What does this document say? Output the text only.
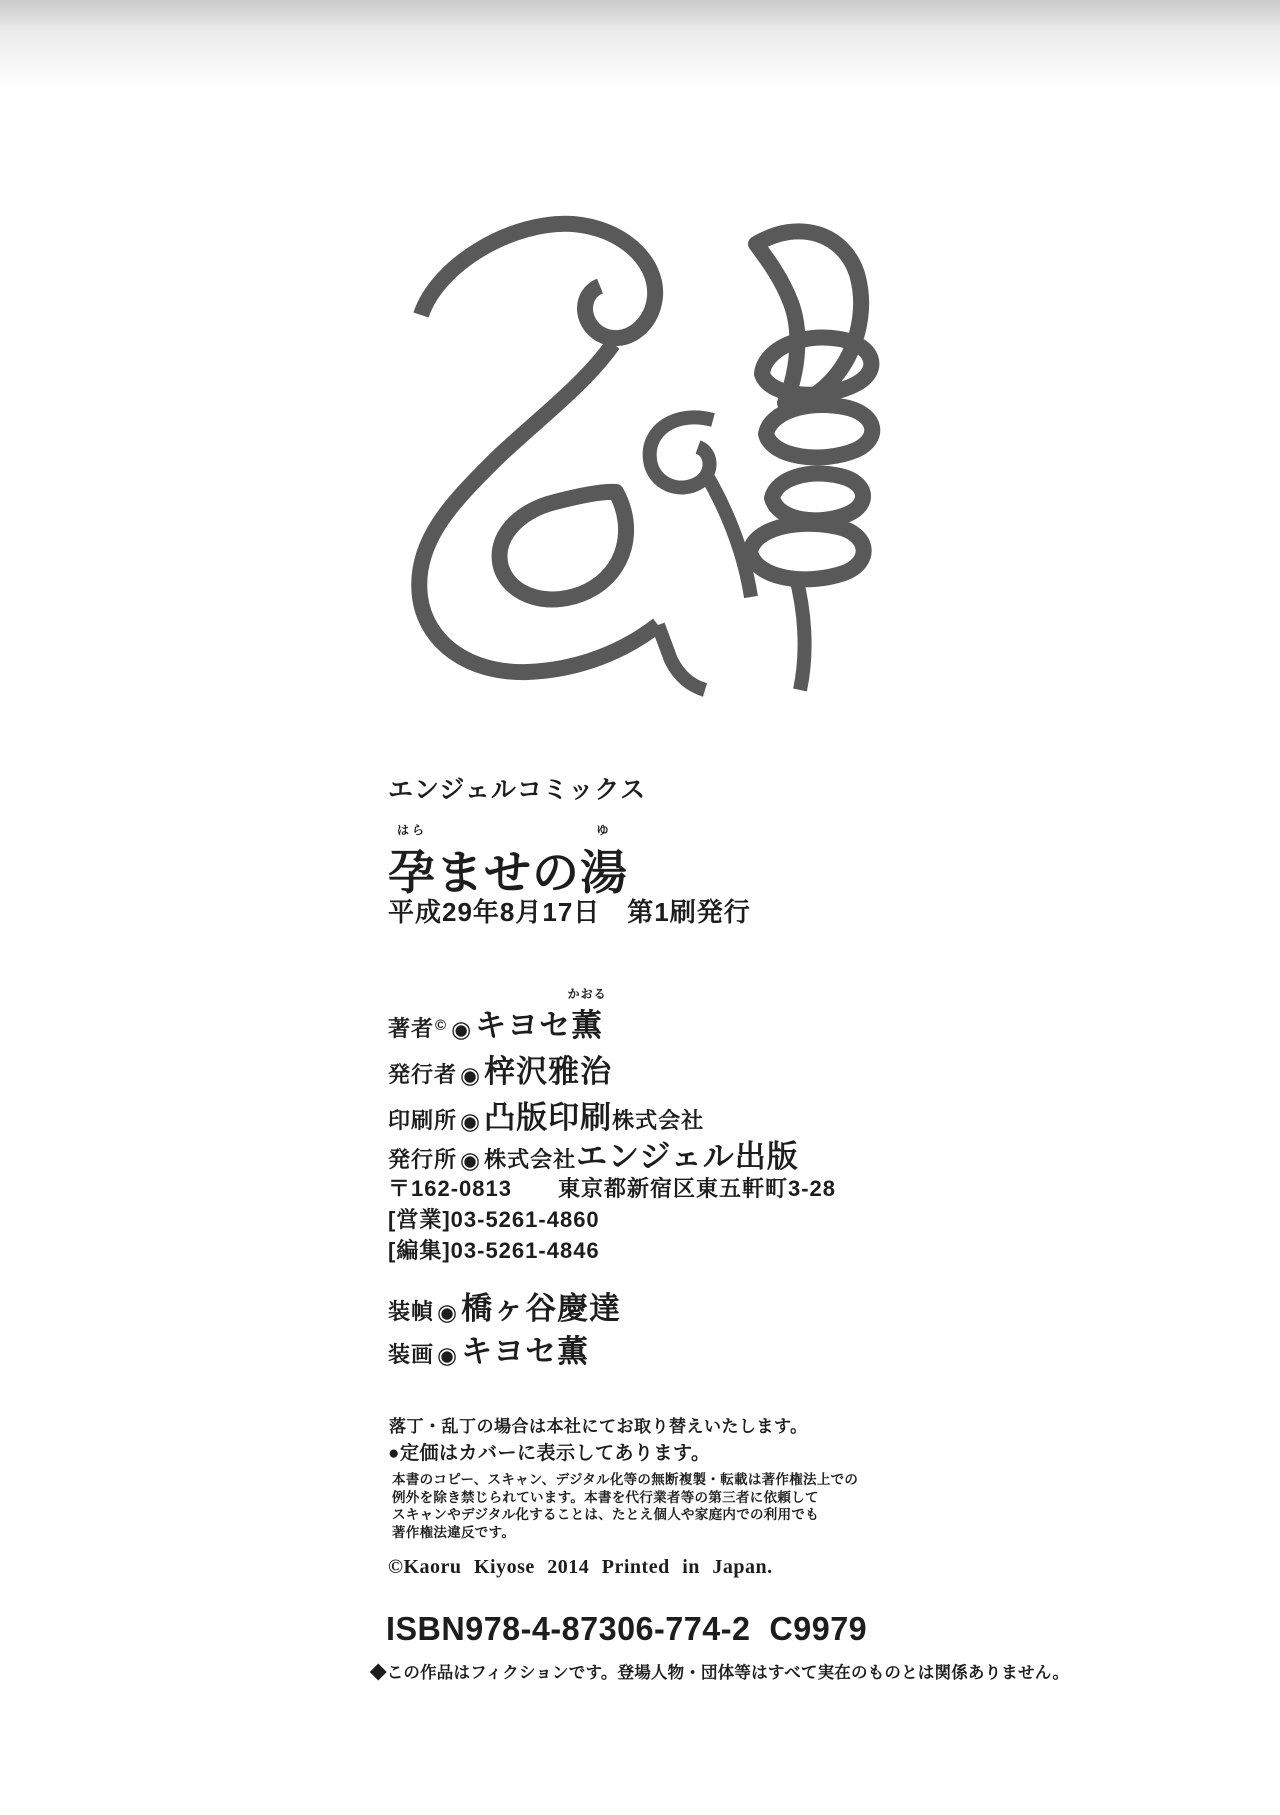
エンジェルコミックス
はら
孕ませの
ゆ
湯
平成29年8月17日　第1刷発行
著者 © ◉ キヨセ
かおる
薫
発行者 ◉ 梓沢雅治
印刷所 ◉ 凸版印刷 株式会社
発行所 ◉ 株式会社 エンジェル出版
〒162-0813　　東京都新宿区東五軒町3-28
[営業]03-5261-4860
[編集]03-5261-4846
装幀 ◉ 橋ヶ谷慶達
装画 ◉ キヨセ薫
落丁・乱丁の場合は本社にてお取り替えいたします。
●定価はカバーに表示してあります。
本書のコピー、スキャン、デジタル化等の無断複製・転載は著作権法上での
例外を除き禁じられています。本書を代行業者等の第三者に依頼して
スキャンやデジタル化することは、たとえ個人や家庭内での利用でも
著作権法違反です。
©Kaoru Kiyose 2014 Printed in Japan.
ISBN978-4-87306-774-2  C9979
◆この作品はフィクションです。登場人物・団体等はすべて実在のものとは関係ありません。
